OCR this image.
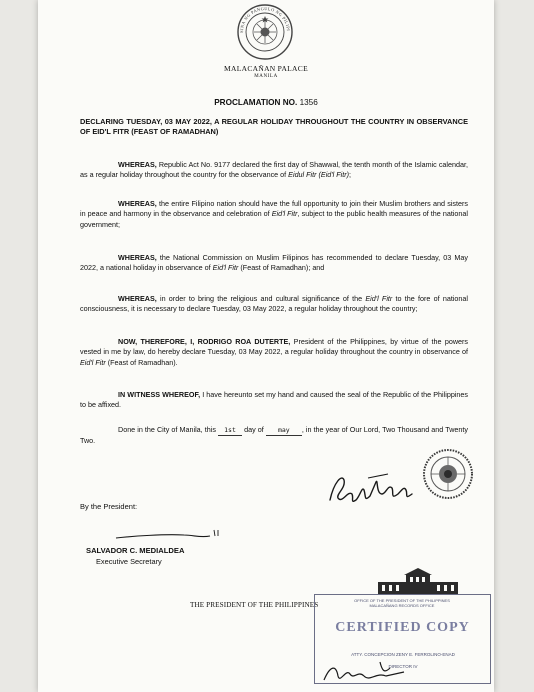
SINA NG PANGULO NG PILIPI
MALACAÑAN PALACE
MANILA
PROCLAMATION NO. 1356
DECLARING TUESDAY, 03 MAY 2022, A REGULAR HOLIDAY THROUGHOUT THE COUNTRY IN OBSERVANCE OF EID'L FITR (FEAST OF RAMADHAN)

WHEREAS, Republic Act No. 9177 declared the first day of Shawwal, the tenth month of the Islamic calendar, as a regular holiday throughout the country for the observance of Eidul Fitr (Eid'l Fitr);

WHEREAS, the entire Filipino nation should have the full opportunity to join their Muslim brothers and sisters in peace and harmony in the observance and celebration of Eid'l Fitr, subject to the public health measures of the national government;

WHEREAS, the National Commission on Muslim Filipinos has recommended to declare Tuesday, 03 May 2022, a national holiday in observance of Eid'l Fitr (Feast of Ramadhan); and

WHEREAS, in order to bring the religious and cultural significance of the Eid'l Fitr to the fore of national consciousness, it is necessary to declare Tuesday, 03 May 2022, a regular holiday throughout the country;

NOW, THEREFORE, I, RODRIGO ROA DUTERTE, President of the Philippines, by virtue of the powers vested in me by law, do hereby declare Tuesday, 03 May 2022, a regular holiday throughout the country in observance of Eid'l Fitr (Feast of Ramadhan).

IN WITNESS WHEREOF, I have hereunto set my hand and caused the seal of the Republic of the Philippines to be affixed.

Done in the City of Manila, this 1st day of may , in the year of Our Lord, Two Thousand and Twenty Two.

By the President:
SALVADOR C. MEDIALDEA
Executive Secretary
THE PRESIDENT OF THE PHILIPPINES
OFFICE OF THE PRESIDENT OF THE PHILIPPINES
MALACAÑANG RECORDS OFFICE
CERTIFIED COPY
ATTY. CONCEPCION ZENY E. FERROLINO-ENAD
DIRECTOR IV
